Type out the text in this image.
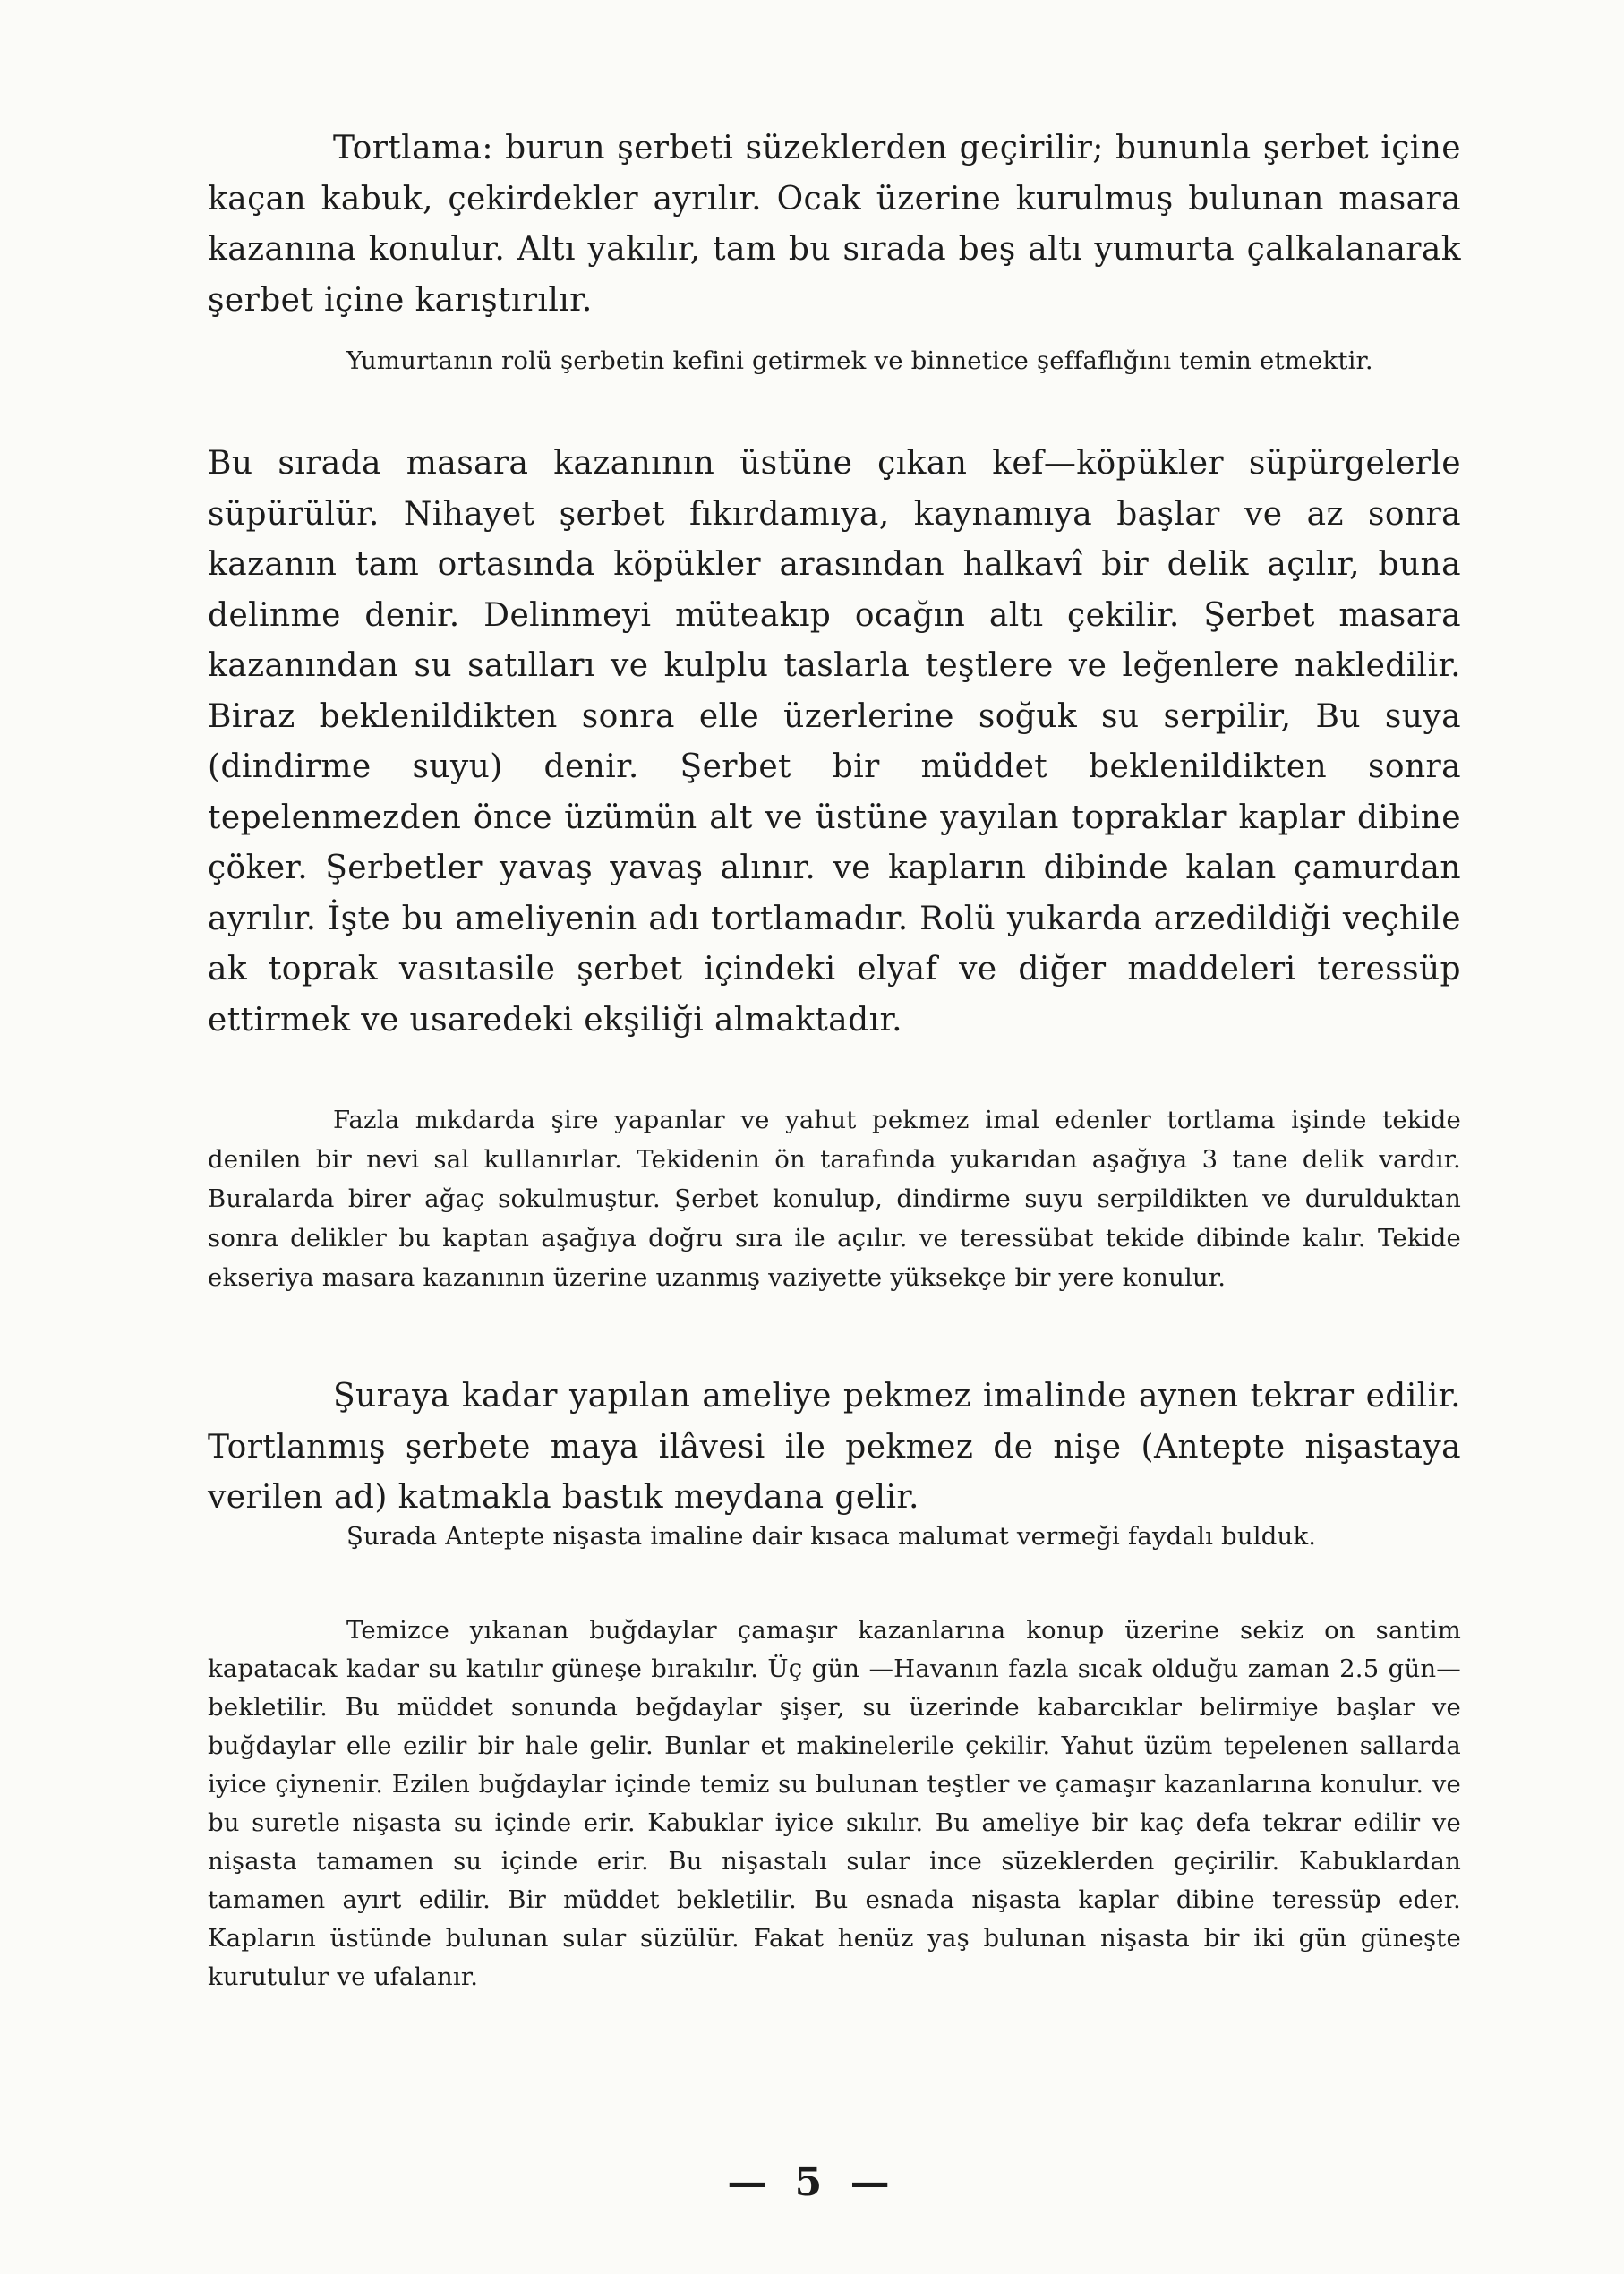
Tortlama: burun şerbeti süzeklerden geçirilir; bununla şerbet içine kaçan kabuk, çekirdekler ayrılır. Ocak üzerine kurulmuş bulunan masara kazanına konulur. Altı yakılır, tam bu sırada beş altı yumurta çalkalanarak şerbet içine karıştırılır.

Yumurtanın rolü şerbetin kefini getirmek ve binnetice şeffaflığını temin etmektir.

Bu sırada masara kazanının üstüne çıkan kef—köpükler süpürgelerle süpürülür. Nihayet şerbet fıkırdamıya, kaynamıya başlar ve az sonra kazanın tam ortasında köpükler arasından halkavî bir delik açılır, buna delinme denir. Delinmeyi müteakıp ocağın altı çekilir. Şerbet masara kazanından su satılları ve kulplu taslarla teştlere ve leğenlere nakledilir. Biraz beklenildikten sonra elle üzerlerine soğuk su serpilir, Bu suya (dindirme suyu) denir. Şerbet bir müddet beklenildikten sonra tepelenmezden önce üzümün alt ve üstüne yayılan topraklar kaplar dibine çöker. Şerbetler yavaş yavaş alınır. ve kapların dibinde kalan çamurdan ayrılır. İşte bu ameliyenin adı tortlamadır. Rolü yukarda arzedildiği veçhile ak toprak vasıtasile şerbet içindeki elyaf ve diğer maddeleri teressüp ettirmek ve usaredeki ekşiliği almaktadır.

Fazla mıkdarda şire yapanlar ve yahut pekmez imal edenler tortlama işinde tekide denilen bir nevi sal kullanırlar. Tekidenin ön tarafında yukarıdan aşağıya 3 tane delik vardır. Buralarda birer ağaç sokulmuştur. Şerbet konulup, dindirme suyu serpildikten ve durulduktan sonra delikler bu kaptan aşağıya doğru sıra ile açılır. ve teressübat tekide dibinde kalır. Tekide ekseriya masara kazanının üzerine uzanmış vaziyette yüksekçe bir yere konulur.

Şuraya kadar yapılan ameliye pekmez imalinde aynen tekrar edilir. Tortlanmış şerbete maya ilâvesi ile pekmez de nişe (Antepte nişastaya verilen ad) katmakla bastık meydana gelir.

Şurada Antepte nişasta imaline dair kısaca malumat vermeği faydalı bulduk.

Temizce yıkanan buğdaylar çamaşır kazanlarına konup üzerine sekiz on santim kapatacak kadar su katılır güneşe bırakılır. Üç gün —Havanın fazla sıcak olduğu zaman 2.5 gün— bekletilir. Bu müddet sonunda beğdaylar şişer, su üzerinde kabarcıklar belirmiye başlar ve buğdaylar elle ezilir bir hale gelir. Bunlar et makinelerile çekilir. Yahut üzüm tepelenen sallarda iyice çiynenir. Ezilen buğdaylar içinde temiz su bulunan teştler ve çamaşır kazanlarına konulur. ve bu suretle nişasta su içinde erir. Kabuklar iyice sıkılır. Bu ameliye bir kaç defa tekrar edilir ve nişasta tamamen su içinde erir. Bu nişastalı sular ince süzeklerden geçirilir. Kabuklardan tamamen ayırt edilir. Bir müddet bekletilir. Bu esnada nişasta kaplar dibine teressüp eder. Kapların üstünde bulunan sular süzülür. Fakat henüz yaş bulunan nişasta bir iki gün güneşte kurutulur ve ufalanır.

— 5 —
